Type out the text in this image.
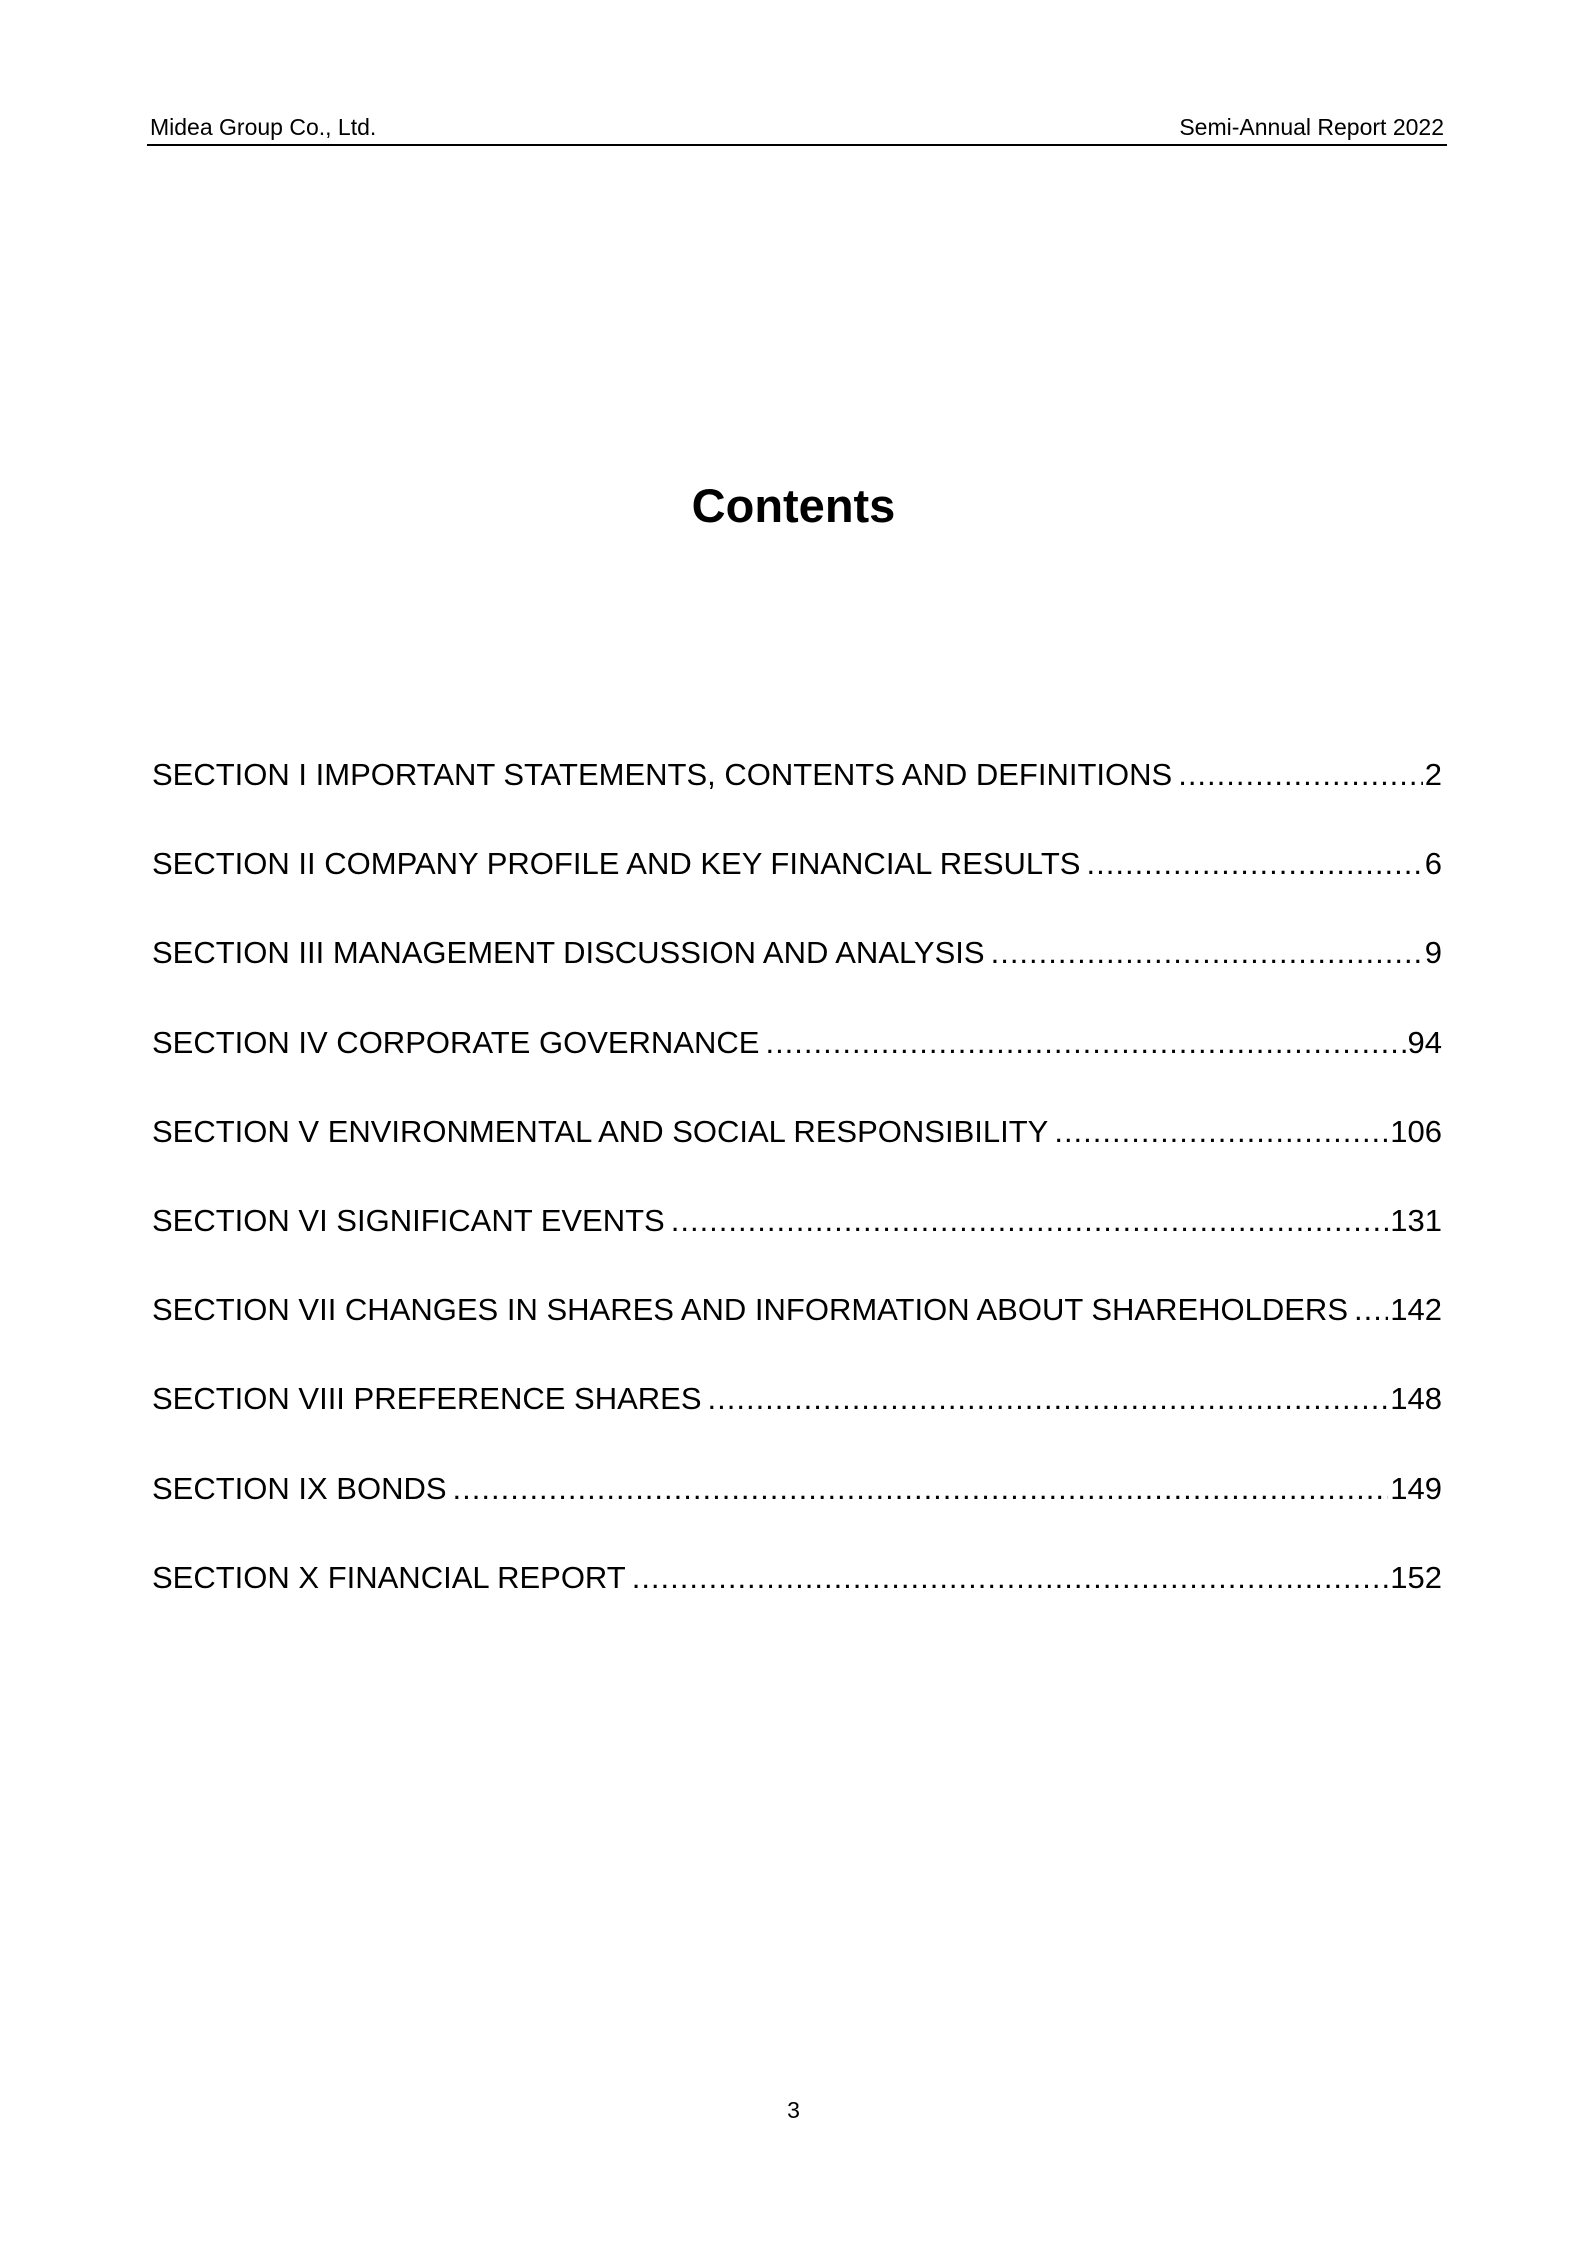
Midea Group Co., Ltd.	Semi-Annual Report 2022
Contents
SECTION I IMPORTANT STATEMENTS, CONTENTS AND DEFINITIONS .....	2
SECTION II COMPANY PROFILE AND KEY FINANCIAL RESULTS .....	6
SECTION III MANAGEMENT DISCUSSION AND ANALYSIS .....	9
SECTION IV CORPORATE GOVERNANCE .....	94
SECTION V ENVIRONMENTAL AND SOCIAL RESPONSIBILITY .....	106
SECTION VI SIGNIFICANT EVENTS .....	131
SECTION VII CHANGES IN SHARES AND INFORMATION ABOUT SHAREHOLDERS ..... 142
SECTION VIII PREFERENCE SHARES .....	148
SECTION IX BONDS .....	149
SECTION X FINANCIAL REPORT .....	152
3
